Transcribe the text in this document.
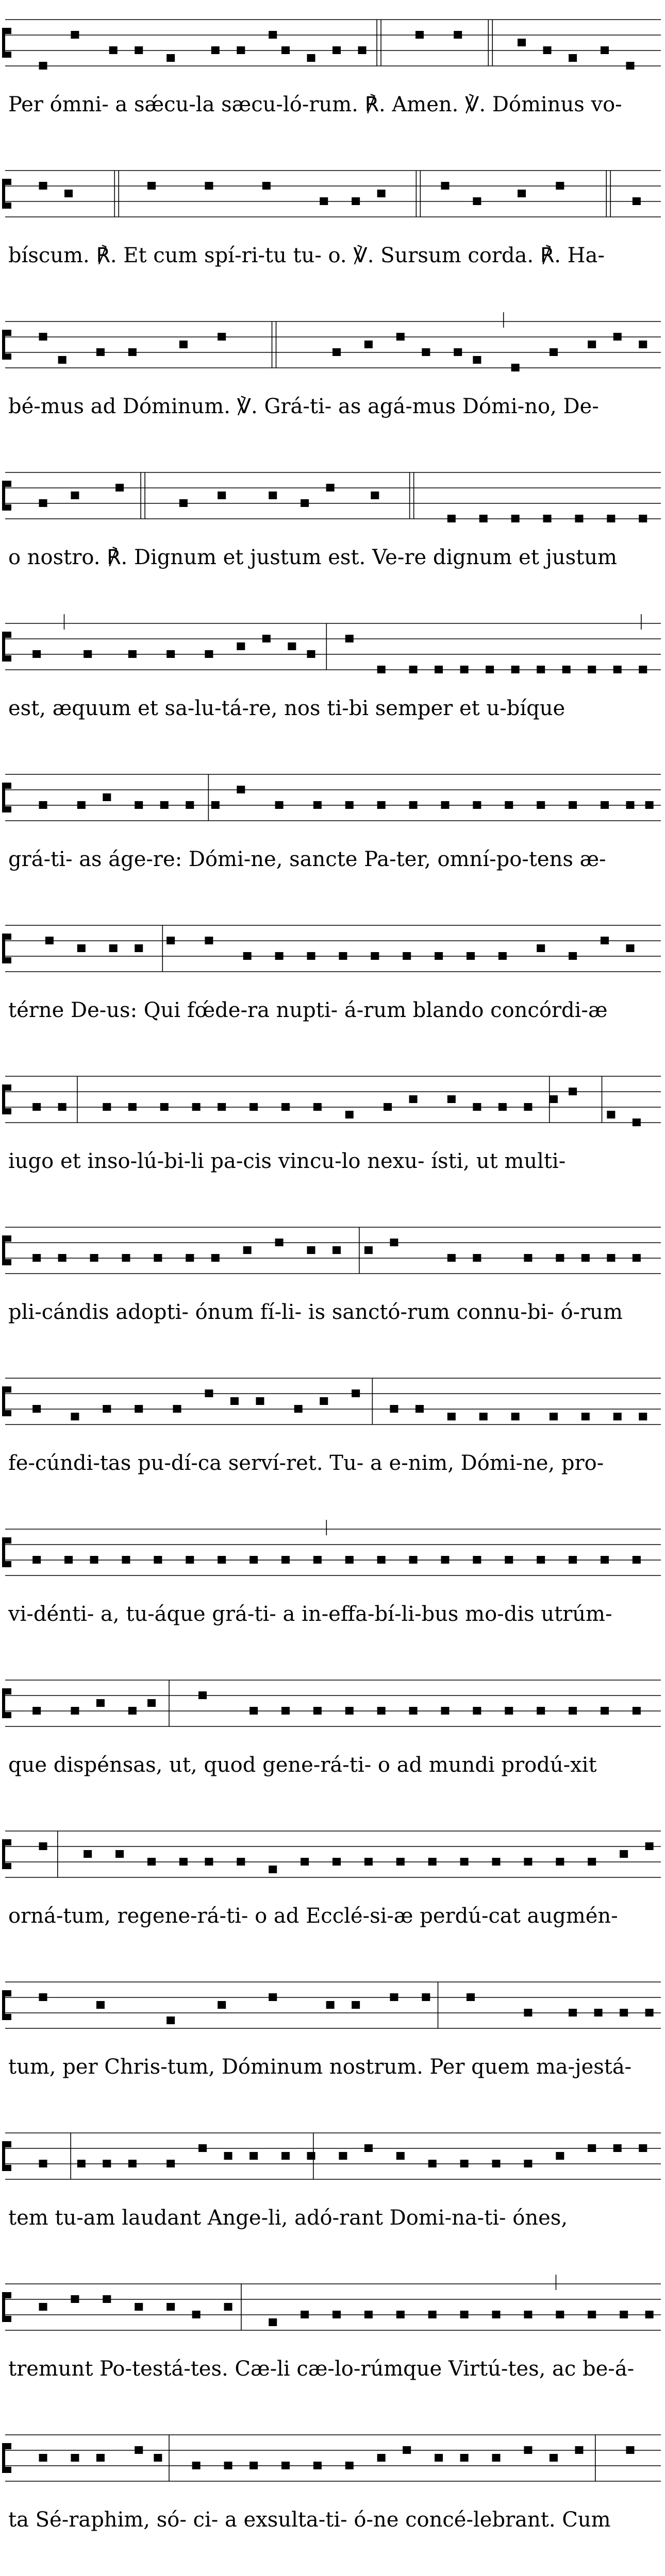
Per ómni- a sǽcu-la sæcu-ló-rum. ℟. Amen. ℣. Dóminus vo-
bíscum. ℟. Et cum spí-ri-tu tu- o. ℣. Sursum corda. ℟. Ha-
bé-mus ad Dóminum. ℣. Grá-ti- as agá-mus Dómi-no, De-
o nostro. ℟. Dignum et justum est. Ve-re dignum et justum
est, æquum et sa-lu-tá-re, nos ti-bi semper et u-bíque
grá-ti- as áge-re: Dómi-ne, sancte Pa-ter, omní-po-tens æ-
térne De-us: Qui fœ́de-ra nupti- á-rum blando concórdi-æ
iugo et inso-lú-bi-li pa-cis vincu-lo nexu- ísti, ut multi-
pli-cándis adopti- ónum fí-li- is sanctó-rum connu-bi- ó-rum
fe-cúndi-tas pu-dí-ca serví-ret. Tu- a e-nim, Dómi-ne, pro-
vi-dénti- a, tu-áque grá-ti- a in-effa-bí-li-bus mo-dis utrúm-
que dispénsas, ut, quod gene-rá-ti- o ad mundi prodú-xit
orná-tum, regene-rá-ti- o ad Ecclé-si-æ perdú-cat augmén-
tum, per Chris-tum, Dóminum nostrum. Per quem ma-jestá-
tem tu-am laudant Ange-li, adó-rant Domi-na-ti- ónes,
tremunt Po-testá-tes. Cæ-li cæ-lo-rúmque Virtú-tes, ac be-á-
ta Sé-raphim, só- ci- a exsulta-ti- ó-ne concé-lebrant. Cum
